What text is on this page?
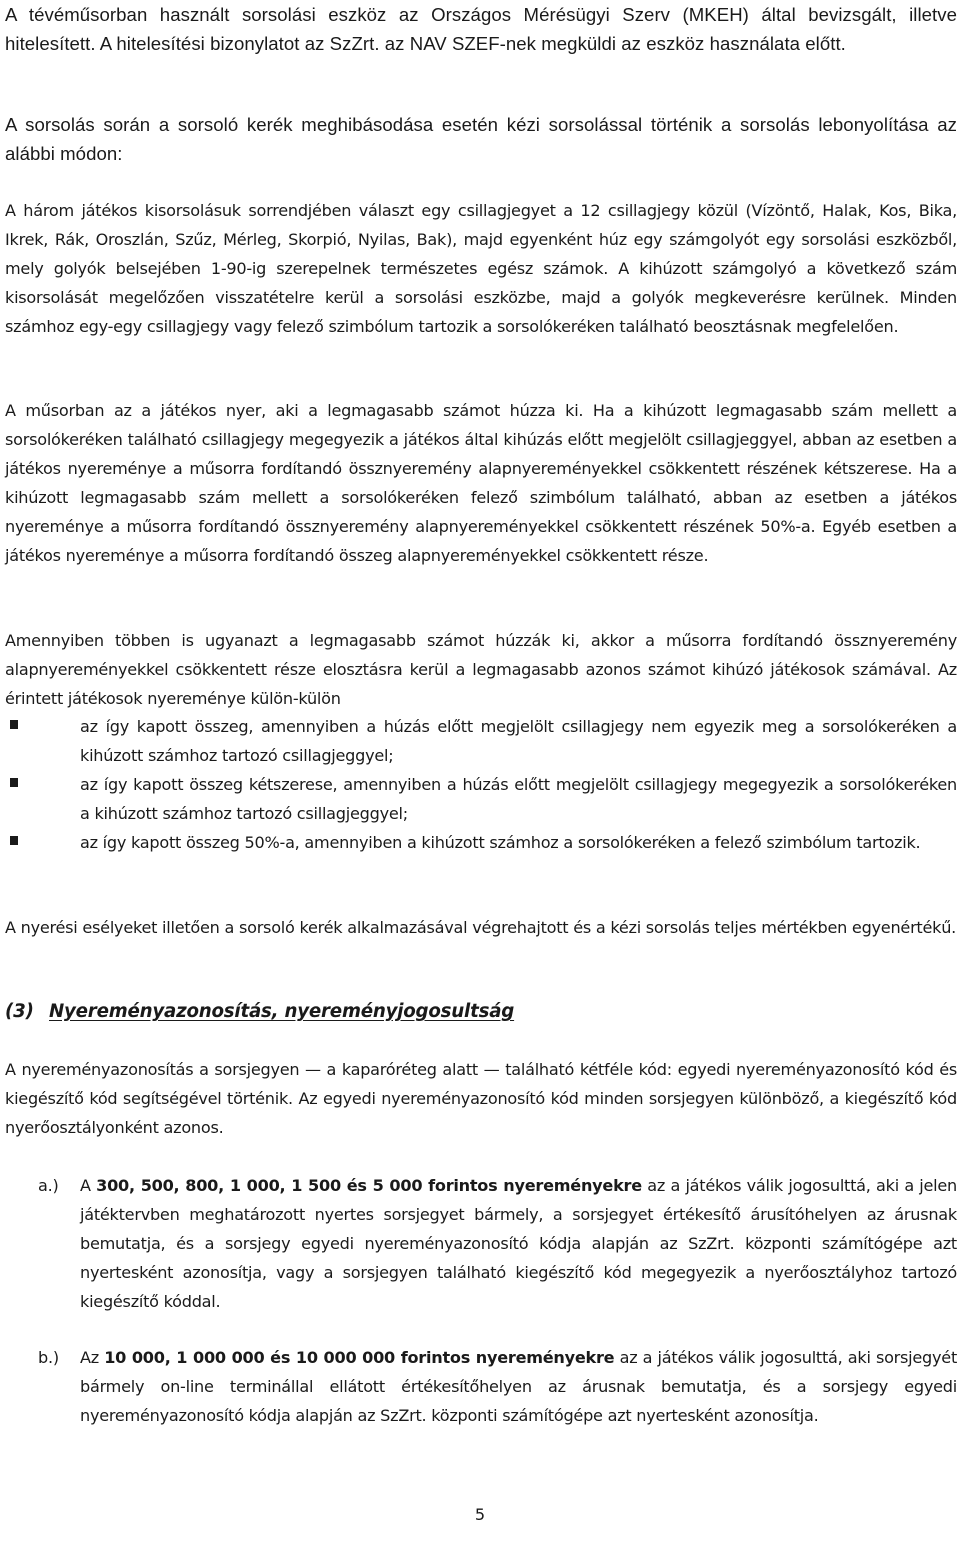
A tévéműsorban használt sorsolási eszköz az Országos Mérésügyi Szerv (MKEH) által bevizsgált, illetve hitelesített. A hitelesítési bizonylatot az SzZrt. az NAV SZEF-nek megküldi az eszköz használata előtt.

A sorsolás során a sorsoló kerék meghibásodása esetén kézi sorsolással történik a sorsolás lebonyolítása az alábbi módon:

A három játékos kisorsolásuk sorrendjében választ egy csillagjegyet a 12 csillagjegy közül (Vízöntő, Halak, Kos, Bika, Ikrek, Rák, Oroszlán, Szűz, Mérleg, Skorpió, Nyilas, Bak), majd egyenként húz egy számgolyót egy sorsolási eszközből, mely golyók belsejében 1-90-ig szerepelnek természetes egész számok. A kihúzott számgolyó a következő szám kisorsolását megelőzően visszatételre kerül a sorsolási eszközbe, majd a golyók megkeverésre kerülnek. Minden számhoz egy-egy csillagjegy vagy felező szimbólum tartozik a sorsolókeréken található beosztásnak megfelelően.

A műsorban az a játékos nyer, aki a legmagasabb számot húzza ki. Ha a kihúzott legmagasabb szám mellett a sorsolókeréken található csillagjegy megegyezik a játékos által kihúzás előtt megjelölt csillagjeggyel, abban az esetben a játékos nyereménye a műsorra fordítandó össznyeremény alapnyereményekkel csökkentett részének kétszerese. Ha a kihúzott legmagasabb szám mellett a sorsolókeréken felező szimbólum található, abban az esetben a játékos nyereménye a műsorra fordítandó össznyeremény alapnyereményekkel csökkentett részének 50%-a. Egyéb esetben a játékos nyereménye a műsorra fordítandó összeg alapnyereményekkel csökkentett része.

Amennyiben többen is ugyanazt a legmagasabb számot húzzák ki, akkor a műsorra fordítandó össznyeremény alapnyereményekkel csökkentett része elosztásra kerül a legmagasabb azonos számot kihúzó játékosok számával. Az érintett játékosok nyereménye külön-külön

az így kapott összeg, amennyiben a húzás előtt megjelölt csillagjegy nem egyezik meg a sorsolókeréken a kihúzott számhoz tartozó csillagjeggyel;
az így kapott összeg kétszerese, amennyiben a húzás előtt megjelölt csillagjegy megegyezik a sorsolókeréken a kihúzott számhoz tartozó csillagjeggyel;
az így kapott összeg 50%-a, amennyiben a kihúzott számhoz a sorsolókeréken a felező szimbólum tartozik.

A nyerési esélyeket illetően a sorsoló kerék alkalmazásával végrehajtott és a kézi sorsolás teljes mértékben egyenértékű.

(3) Nyereményazonosítás, nyereményjogosultság

A nyereményazonosítás a sorsjegyen — a kaparóréteg alatt — található kétféle kód: egyedi nyereményazonosító kód és kiegészítő kód segítségével történik. Az egyedi nyereményazonosító kód minden sorsjegyen különböző, a kiegészítő kód nyerőosztályonként azonos.

a.) A 300, 500, 800, 1 000, 1 500 és 5 000 forintos nyereményekre az a játékos válik jogosulttá, aki a jelen játéktervben meghatározott nyertes sorsjegyet bármely, a sorsjegyet értékesítő árusítóhelyen az árusnak bemutatja, és a sorsjegy egyedi nyereményazonosító kódja alapján az SzZrt. központi számítógépe azt nyertesként azonosítja, vagy a sorsjegyen található kiegészítő kód megegyezik a nyerőosztályhoz tartozó kiegészítő kóddal.
b.) Az 10 000, 1 000 000 és 10 000 000 forintos nyereményekre az a játékos válik jogosulttá, aki sorsjegyét bármely on-line terminállal ellátott értékesítőhelyen az árusnak bemutatja, és a sorsjegy egyedi nyereményazonosító kódja alapján az SzZrt. központi számítógépe azt nyertesként azonosítja.
5
